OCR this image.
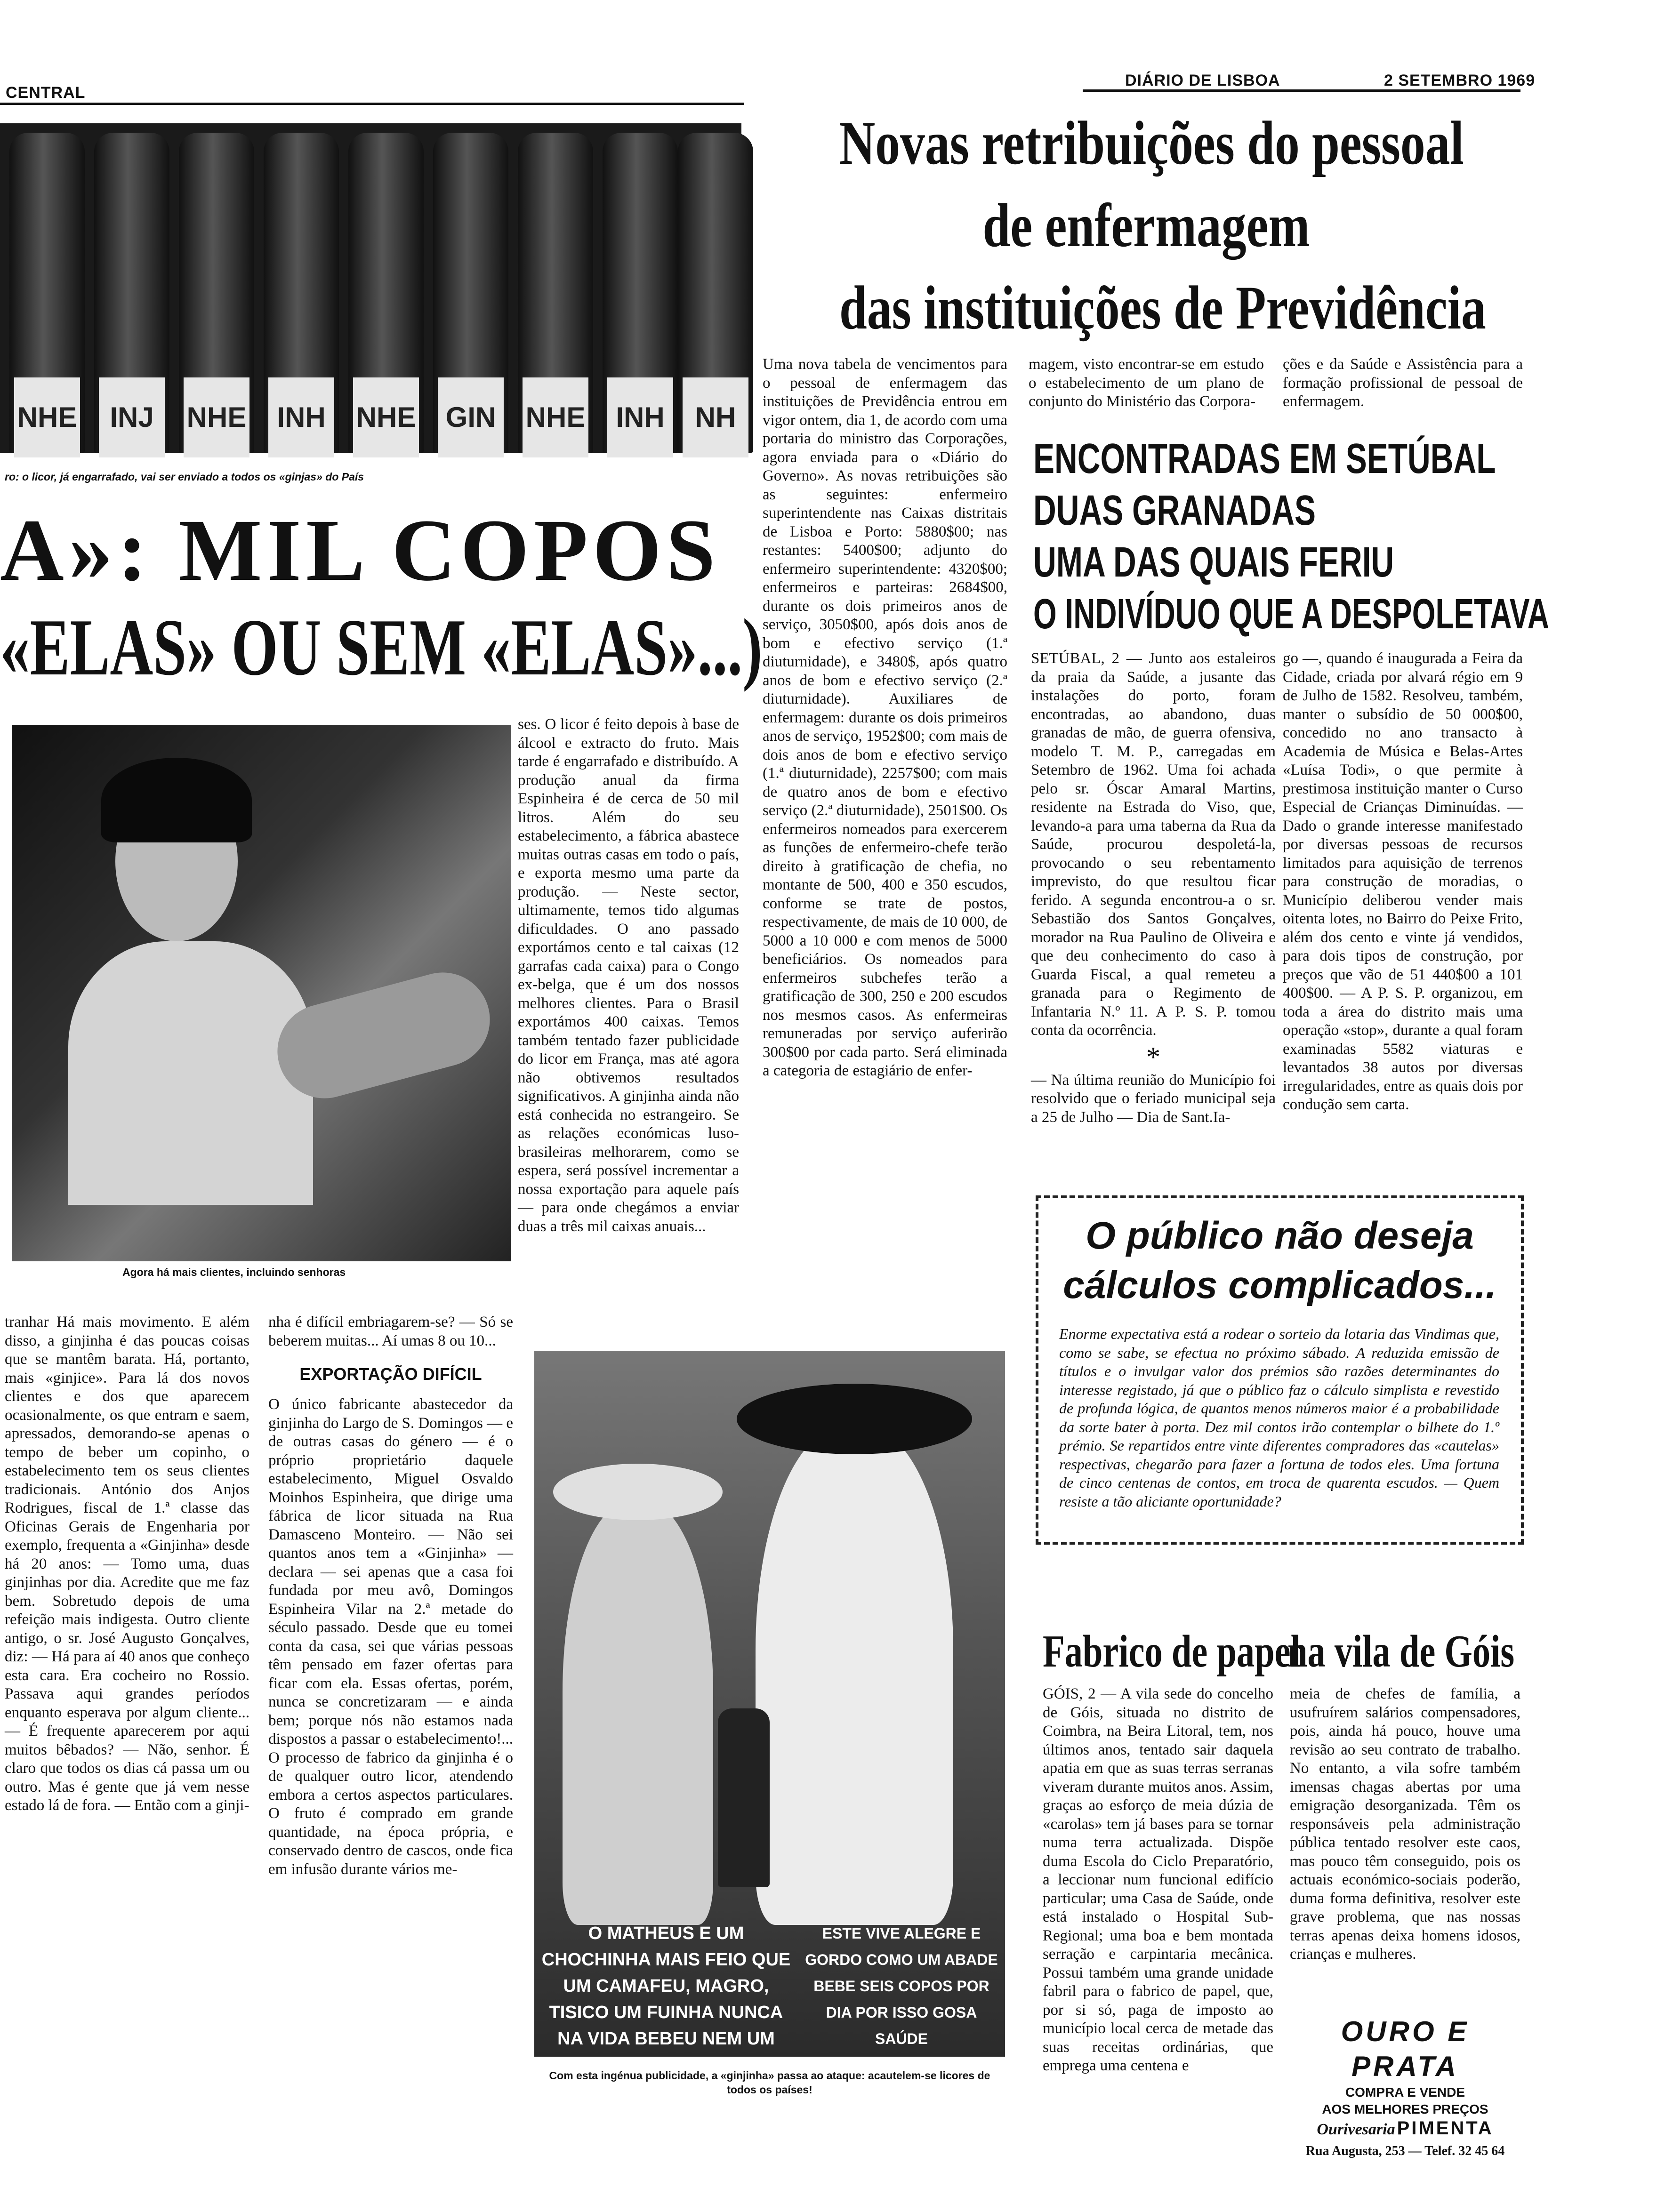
CENTRAL
DIÁRIO DE LISBOA	2 SETEMBRO 1969
NHE	INJ	NHE	INH	NHE GIN NHE	INH	NH
ro: o licor, já engarrafado, vai ser enviado a todos os «ginjas» do País
A»: MIL COPOS
«ELAS» OU SEM «ELAS»...)
Agora há mais clientes, incluindo senhoras

ses. O licor é feito depois à base de álcool e extracto do fruto. Mais tarde é engarrafado e distribuído. A produção anual da firma Espinheira é de cerca de 50 mil litros. Além do seu estabelecimento, a fábrica abastece muitas outras casas em todo o país, e exporta mesmo uma parte da produção. — Neste sector, ultimamente, temos tido algumas dificuldades. O ano passado exportámos cento e tal caixas (12 garrafas cada caixa) para o Congo ex-belga, que é um dos nossos melhores clientes. Para o Brasil exportámos 400 caixas. Temos também tentado fazer publicidade do licor em França, mas até agora não obtivemos resultados significativos. A ginjinha ainda não está conhecida no estrangeiro. Se as relações económicas luso-brasileiras melhorarem, como se espera, será possível incrementar a nossa exportação para aquele país — para onde chegámos a enviar duas a três mil caixas anuais...

tranhar Há mais movimento. E além disso, a ginjinha é das poucas coisas que se mantêm barata. Há, portanto, mais «ginjice». Para lá dos novos clientes e dos que aparecem ocasionalmente, os que entram e saem, apressados, demorando-se apenas o tempo de beber um copinho, o estabelecimento tem os seus clientes tradicionais. António dos Anjos Rodrigues, fiscal de 1.ª classe das Oficinas Gerais de Engenharia por exemplo, frequenta a «Ginjinha» desde há 20 anos: — Tomo uma, duas ginjinhas por dia. Acredite que me faz bem. Sobretudo depois de uma refeição mais indigesta. Outro cliente antigo, o sr. José Augusto Gonçalves, diz: — Há para aí 40 anos que conheço esta cara. Era cocheiro no Rossio. Passava aqui grandes períodos enquanto esperava por algum cliente... — É frequente aparecerem por aqui muitos bêbados? — Não, senhor. É claro que todos os dias cá passa um ou outro. Mas é gente que já vem nesse estado lá de fora. — Então com a ginji-

nha é difícil embriagarem-se? — Só se beberem muitas... Aí umas 8 ou 10...

EXPORTAÇÃO DIFÍCIL

O único fabricante abastecedor da ginjinha do Largo de S. Domingos — e de outras casas do género — é o próprio proprietário daquele estabelecimento, Miguel Osvaldo Moinhos Espinheira, que dirige uma fábrica de licor situada na Rua Damasceno Monteiro. — Não sei quantos anos tem a «Ginjinha» — declara — sei apenas que a casa foi fundada por meu avô, Domingos Espinheira Vilar na 2.ª metade do século passado. Desde que eu tomei conta da casa, sei que várias pessoas têm pensado em fazer ofertas para ficar com ela. Essas ofertas, porém, nunca se concretizaram — e ainda bem; porque nós não estamos nada dispostos a passar o estabelecimento!... O processo de fabrico da ginjinha é o de qualquer outro licor, atendendo embora a certos aspectos particulares. O fruto é comprado em grande quantidade, na época própria, e conservado dentro de cascos, onde fica em infusão durante vários me-

O MATHEUS E UM CHOCHINHA MAIS FEIO QUE UM CAMAFEU, MAGRO, TISICO UM FUINHA NUNCA NA VIDA BEBEU NEM UM COPO DE GINJINHA.
ESTE VIVE ALEGRE E GORDO COMO UM ABADE BEBE SEIS COPOS POR DIA POR ISSO GOSA SAÚDE
Com esta ingénua publicidade, a «ginjinha» passa ao ataque: acautelem-se licores de todos os países!
Novas retribuições do pessoal
de enfermagem
das instituições de Previdência

Uma nova tabela de vencimentos para o pessoal de enfermagem das instituições de Previdência entrou em vigor ontem, dia 1, de acordo com uma portaria do ministro das Corporações, agora enviada para o «Diário do Governo». As novas retribuições são as seguintes: enfermeiro superintendente nas Caixas distritais de Lisboa e Porto: 5880$00; nas restantes: 5400$00; adjunto do enfermeiro superintendente: 4320$00; enfermeiros e parteiras: 2684$00, durante os dois primeiros anos de serviço, 3050$00, após dois anos de bom e efectivo serviço (1.ª diuturnidade), e 3480$, após quatro anos de bom e efectivo serviço (2.ª diuturnidade). Auxiliares de enfermagem: durante os dois primeiros anos de serviço, 1952$00; com mais de dois anos de bom e efectivo serviço (1.ª diuturnidade), 2257$00; com mais de quatro anos de bom e efectivo serviço (2.ª diuturnidade), 2501$00. Os enfermeiros nomeados para exercerem as funções de enfermeiro-chefe terão direito à gratificação de chefia, no montante de 500, 400 e 350 escudos, conforme se trate de postos, respectivamente, de mais de 10 000, de 5000 a 10 000 e com menos de 5000 beneficiários. Os nomeados para enfermeiros subchefes terão a gratificação de 300, 250 e 200 escudos nos mesmos casos. As enfermeiras remuneradas por serviço auferirão 300$00 por cada parto. Será eliminada a categoria de estagiário de enfer-

magem, visto encontrar-se em estudo o estabelecimento de um plano de conjunto do Ministério das Corpora-

ções e da Saúde e Assistência para a formação profissional de pessoal de enfermagem.

ENCONTRADAS EM SETÚBAL
DUAS GRANADAS
UMA DAS QUAIS FERIU
O INDIVÍDUO QUE A DESPOLETAVA

SETÚBAL, 2 — Junto aos estaleiros da praia da Saúde, a jusante das instalações do porto, foram encontradas, ao abandono, duas granadas de mão, de guerra ofensiva, modelo T. M. P., carregadas em Setembro de 1962. Uma foi achada pelo sr. Óscar Amaral Martins, residente na Estrada do Viso, que, levando-a para uma taberna da Rua da Saúde, procurou despoletá-la, provocando o seu rebentamento imprevisto, do que resultou ficar ferido. A segunda encontrou-a o sr. Sebastião dos Santos Gonçalves, morador na Rua Paulino de Oliveira e que deu conhecimento do caso à Guarda Fiscal, a qual remeteu a granada para o Regimento de Infantaria N.º 11. A P. S. P. tomou conta da ocorrência.

*

— Na última reunião do Município foi resolvido que o feriado municipal seja a 25 de Julho — Dia de Sant.Ia-

go —, quando é inaugurada a Feira da Cidade, criada por alvará régio em 9 de Julho de 1582. Resolveu, também, manter o subsídio de 50 000$00, concedido no ano transacto à Academia de Música e Belas-Artes «Luísa Todi», o que permite à prestimosa instituição manter o Curso Especial de Crianças Diminuídas. — Dado o grande interesse manifestado por diversas pessoas de recursos limitados para aquisição de terrenos para construção de moradias, o Município deliberou vender mais oitenta lotes, no Bairro do Peixe Frito, além dos cento e vinte já vendidos, para dois tipos de construção, por preços que vão de 51 440$00 a 101 400$00. — A P. S. P. organizou, em toda a área do distrito mais uma operação «stop», durante a qual foram examinadas 5582 viaturas e levantados 38 autos por diversas irregularidades, entre as quais dois por condução sem carta.

O público não deseja
cálculos complicados...

Enorme expectativa está a rodear o sorteio da lotaria das Vindimas que, como se sabe, se efectua no próximo sábado. A reduzida emissão de títulos e o invulgar valor dos prémios são razões determinantes do interesse registado, já que o público faz o cálculo simplista e revestido de profunda lógica, de quantos menos números maior é a probabilidade da sorte bater à porta. Dez mil contos irão contemplar o bilhete do 1.º prémio. Se repartidos entre vinte diferentes compradores das «cautelas» respectivas, chegarão para fazer a fortuna de todos eles. Uma fortuna de cinco centenas de contos, em troca de quarenta escudos. — Quem resiste a tão aliciante oportunidade?

Fabrico de papel
na vila de Góis

GÓIS, 2 — A vila sede do concelho de Góis, situada no distrito de Coimbra, na Beira Litoral, tem, nos últimos anos, tentado sair daquela apatia em que as suas terras serranas viveram durante muitos anos. Assim, graças ao esforço de meia dúzia de «carolas» tem já bases para se tornar numa terra actualizada. Dispõe duma Escola do Ciclo Preparatório, a leccionar num funcional edifício particular; uma Casa de Saúde, onde está instalado o Hospital Sub-Regional; uma boa e bem montada serração e carpintaria mecânica. Possui também uma grande unidade fabril para o fabrico de papel, que, por si só, paga de imposto ao município local cerca de metade das suas receitas ordinárias, que emprega uma centena e

meia de chefes de família, a usufruírem salários compensadores, pois, ainda há pouco, houve uma revisão ao seu contrato de trabalho. No entanto, a vila sofre também imensas chagas abertas por uma emigração desorganizada. Têm os responsáveis pela administração pública tentado resolver este caos, mas pouco têm conseguido, pois os actuais económico-sociais poderão, duma forma definitiva, resolver este grave problema, que nas nossas terras apenas deixa homens idosos, crianças e mulheres.

OURO E PRATA
COMPRA E VENDE
AOS MELHORES PREÇOS
Ourivesaria PIMENTA
Rua Augusta, 253 — Telef. 32 45 64
